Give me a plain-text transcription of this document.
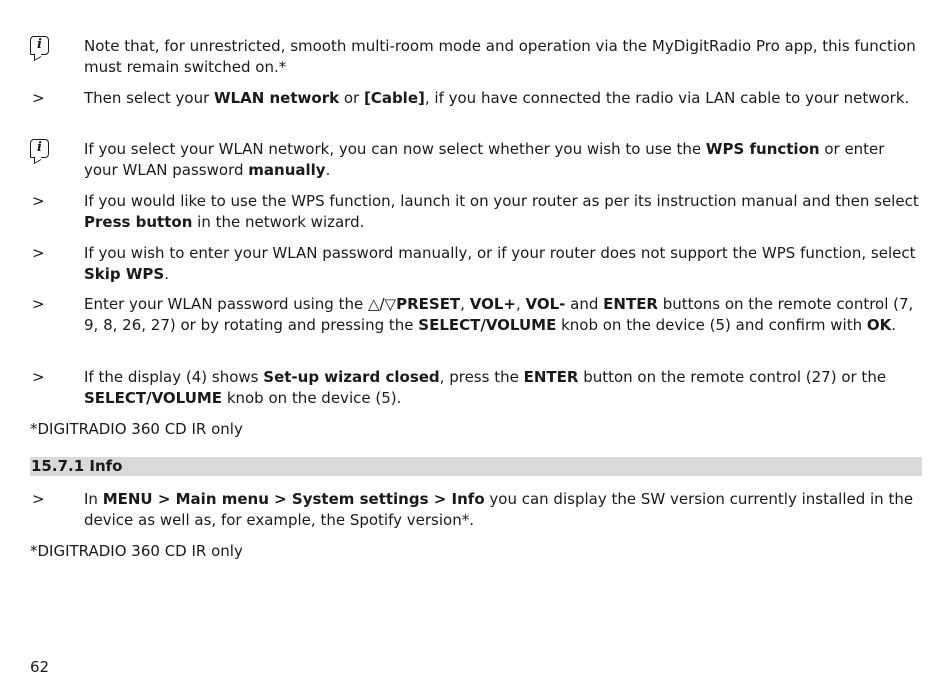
i
Note that, for unrestricted, smooth multi-room mode and operation via the MyDigitRadio Pro app, this function must remain switched on.*
>	Then select your WLAN network or [Cable], if you have connected the radio via LAN cable to your network.
i
If you select your WLAN network, you can now select whether you wish to use the WPS function or enter your WLAN password manually.
>	If you would like to use the WPS function, launch it on your router as per its instruction manual and then select Press button in the network wizard.
>	If you wish to enter your WLAN password manually, or if your router does not support the WPS function, select Skip WPS.
>	Enter your WLAN password using the △/▽PRESET, VOL+, VOL- and ENTER buttons on the remote control (7, 9, 8, 26, 27) or by rotating and pressing the SELECT/VOLUME knob on the device (5) and confirm with OK.
>	If the display (4) shows Set-up wizard closed, press the ENTER button on the remote control (27) or the SELECT/VOLUME knob on the device (5).
*DIGITRADIO 360 CD IR only
15.7.1 Info
>	In MENU > Main menu > System settings > Info you can display the SW version currently installed in the device as well as, for example, the Spotify version*.
*DIGITRADIO 360 CD IR only
62
